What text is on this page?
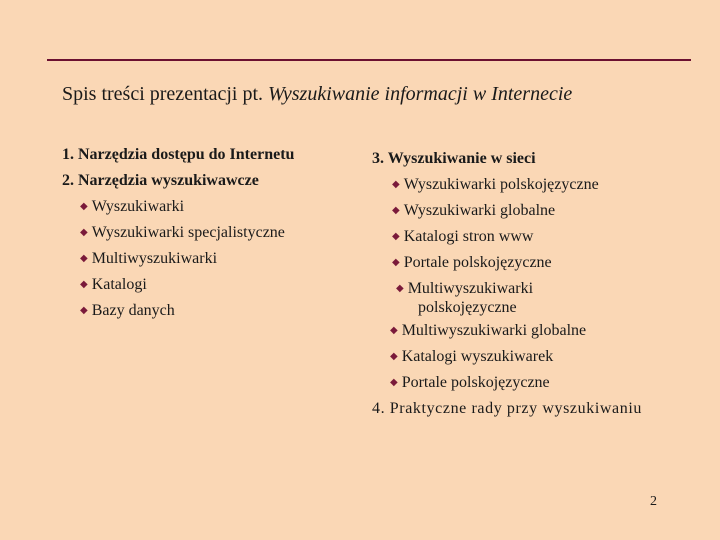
Spis treści prezentacji pt. Wyszukiwanie informacji w Internecie
1. Narzędzia dostępu do Internetu
2. Narzędzia wyszukiwawcze
◆ Wyszukiwarki
◆ Wyszukiwarki specjalistyczne
◆ Multiwyszukiwarki
◆ Katalogi
◆ Bazy danych
3. Wyszukiwanie w sieci
◆ Wyszukiwarki polskojęzyczne
◆ Wyszukiwarki globalne
◆ Katalogi stron www
◆ Portale polskojęzyczne
◆ Multiwyszukiwarki
polskojęzyczne
◆ Multiwyszukiwarki globalne
◆ Katalogi wyszukiwarek
◆ Portale polskojęzyczne
4. Praktyczne rady przy wyszukiwaniu
2
